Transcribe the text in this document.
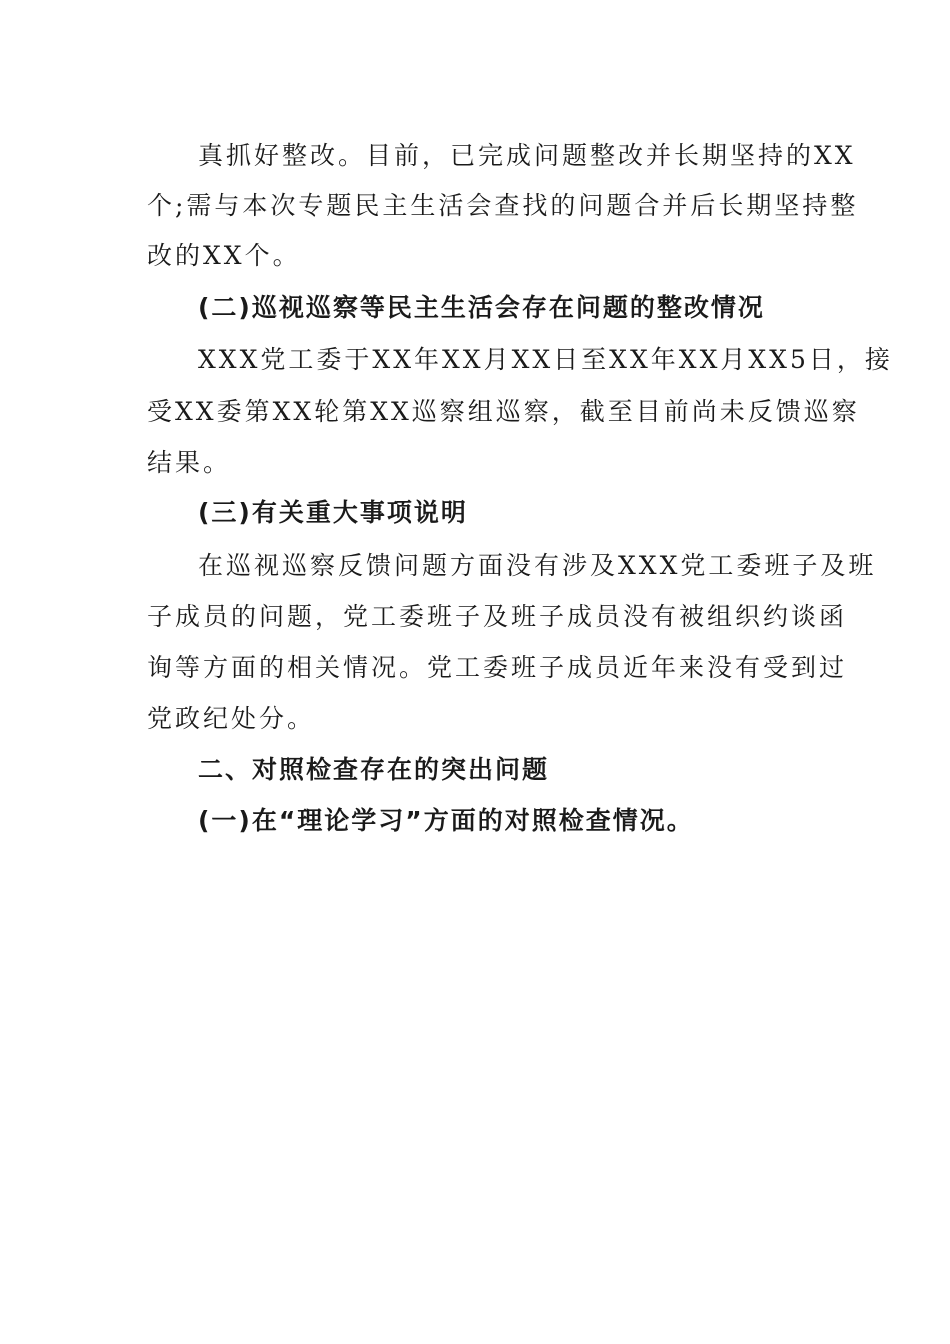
真抓好整改。目前，已完成问题整改并长期坚持的XX
个;需与本次专题民主生活会查找的问题合并后长期坚持整
改的XX个。
(二)巡视巡察等民主生活会存在问题的整改情况
XXX党工委于XX年XX月XX日至XX年XX月XX5日，接
受XX委第XX轮第XX巡察组巡察，截至目前尚未反馈巡察
结果。
(三)有关重大事项说明
在巡视巡察反馈问题方面没有涉及XXX党工委班子及班
子成员的问题，党工委班子及班子成员没有被组织约谈函
询等方面的相关情况。党工委班子成员近年来没有受到过
党政纪处分。
二、对照检查存在的突出问题
(一)在“理论学习”方面的对照检查情况。
